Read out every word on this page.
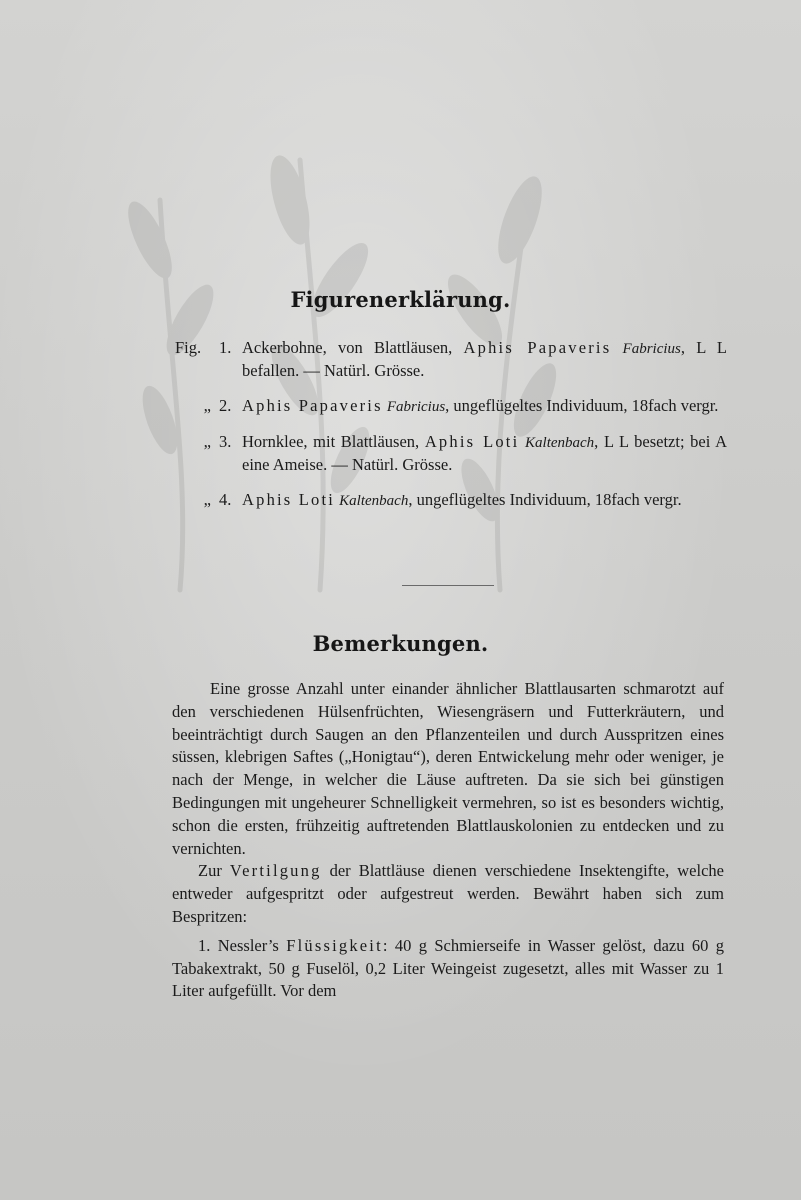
Figurenerklärung.
Fig. 1. Ackerbohne, von Blattläusen, Aphis Papaveris Fabricius, L L befallen. — Natürl. Grösse.
„ 2. Aphis Papaveris Fabricius, ungeflügeltes Individuum, 18fach vergr.
„ 3. Hornklee, mit Blattläusen, Aphis Loti Kaltenbach, L L besetzt; bei A eine Ameise. — Natürl. Grösse.
„ 4. Aphis Loti Kaltenbach, ungeflügeltes Individuum, 18fach vergr.
Bemerkungen.

Eine grosse Anzahl unter einander ähnlicher Blattlausarten schmarotzt auf den verschiedenen Hülsenfrüchten, Wiesengräsern und Futterkräutern, und beeinträchtigt durch Saugen an den Pflanzenteilen und durch Ausspritzen eines süssen, klebrigen Saftes („Honigtau“), deren Entwickelung mehr oder weniger, je nach der Menge, in welcher die Läuse auftreten. Da sie sich bei günstigen Bedingungen mit ungeheurer Schnelligkeit vermehren, so ist es besonders wichtig, schon die ersten, frühzeitig auftretenden Blattlauskolonien zu entdecken und zu vernichten.

Zur Vertilgung der Blattläuse dienen verschiedene Insektengifte, welche entweder aufgespritzt oder aufgestreut werden. Bewährt haben sich zum Bespritzen:

1. Nessler’s Flüssigkeit: 40 g Schmierseife in Wasser gelöst, dazu 60 g Tabakextrakt, 50 g Fuselöl, 0,2 Liter Weingeist zugesetzt, alles mit Wasser zu 1 Liter aufgefüllt. Vor dem
